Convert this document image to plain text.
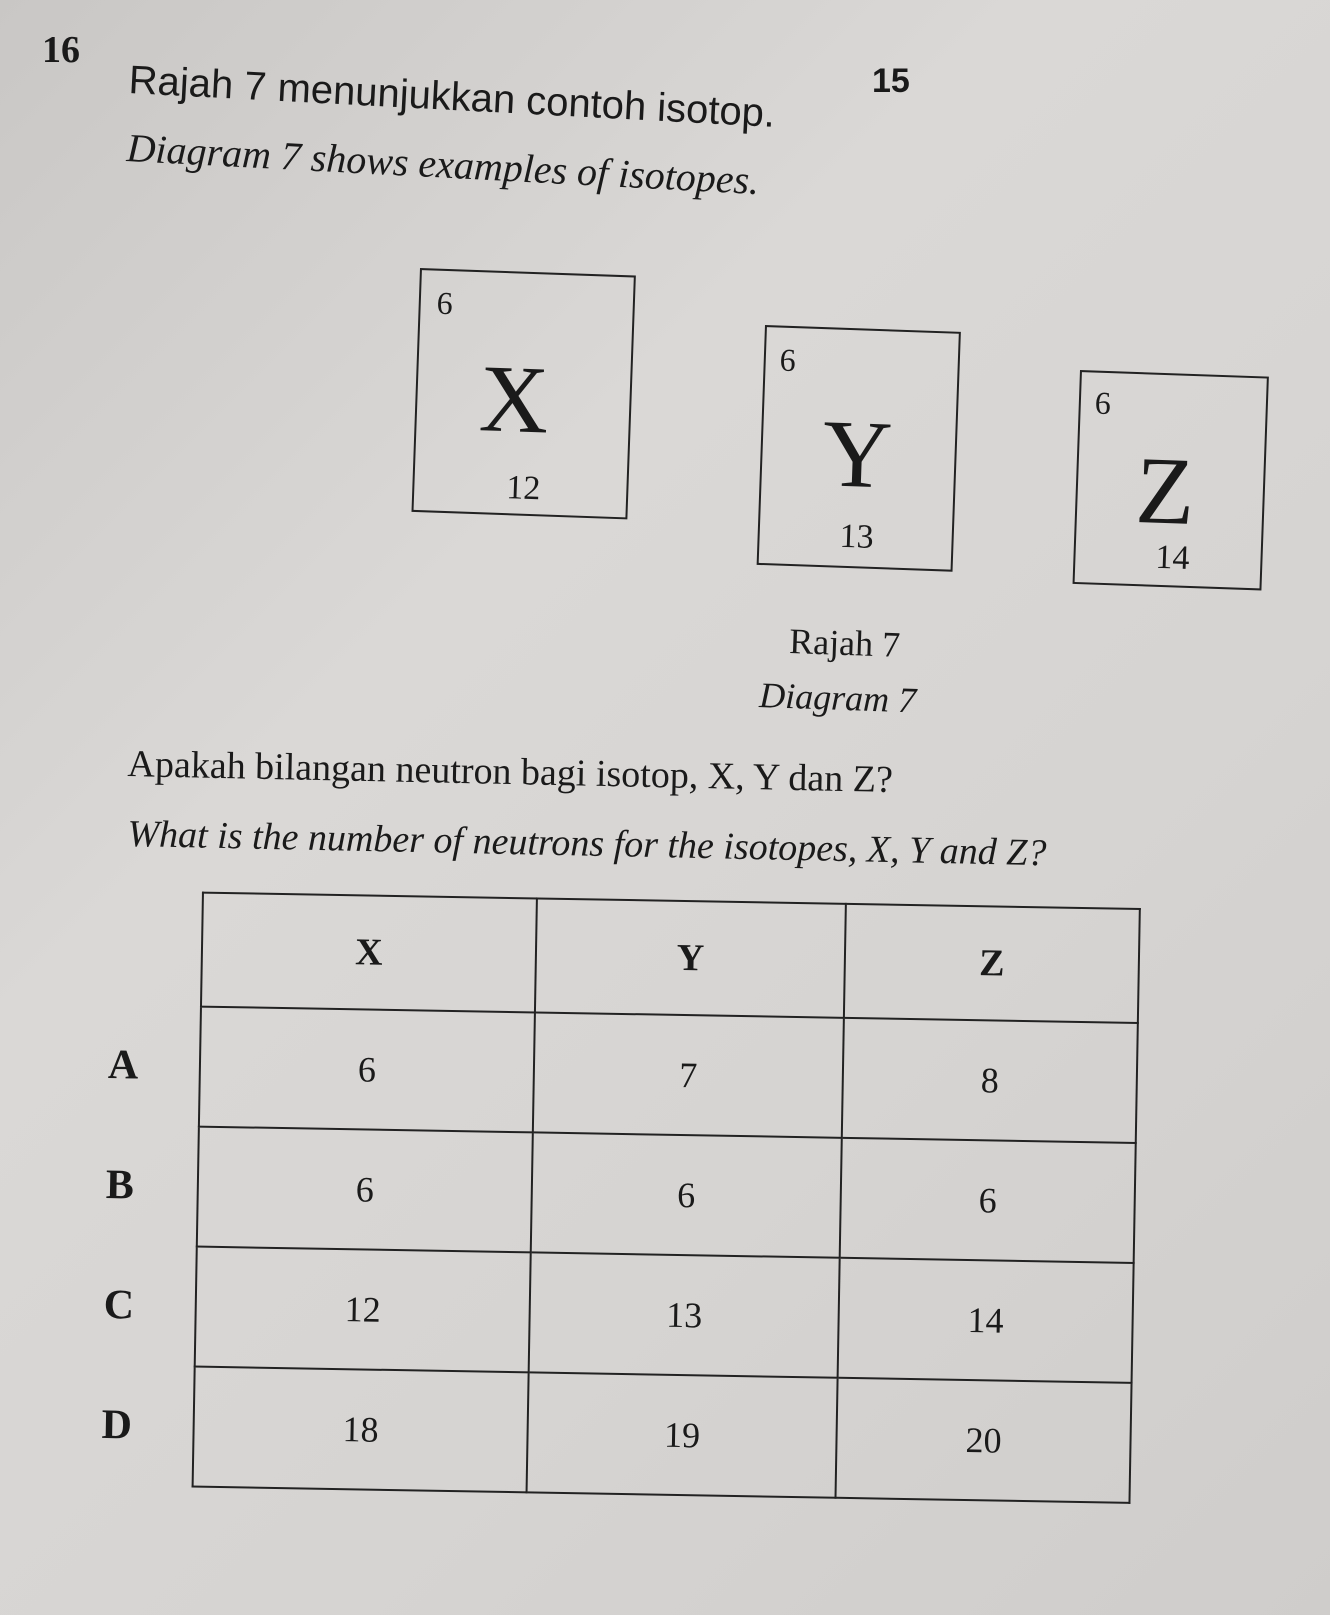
15
16
Rajah 7 menunjukkan contoh isotop.
Diagram 7 shows examples of isotopes.
6
X
12
6
Y
13
6
Z
14
Rajah 7
Diagram 7
Apakah bilangan neutron bagi isotop, X, Y dan Z?
What is the number of neutrons for the isotopes, X, Y and Z?
	X	Y	Z
A	6	7	8
B	6	6	6
C	12	13	14
D	18	19	20
